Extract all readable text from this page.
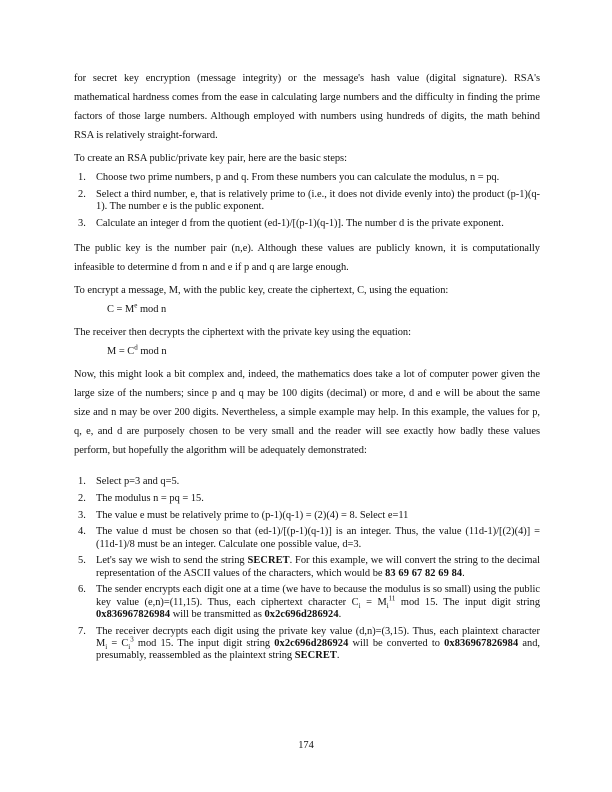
for secret key encryption (message integrity) or the message's hash value (digital signature). RSA's mathematical hardness comes from the ease in calculating large numbers and the difficulty in finding the prime factors of those large numbers. Although employed with numbers using hundreds of digits, the math behind RSA is relatively straight-forward.

To create an RSA public/private key pair, here are the basic steps:

1. Choose two prime numbers, p and q. From these numbers you can calculate the modulus, n = pq.
2. Select a third number, e, that is relatively prime to (i.e., it does not divide evenly into) the product (p-1)(q-1). The number e is the public exponent.
3. Calculate an integer d from the quotient (ed-1)/[(p-1)(q-1)]. The number d is the private exponent.

The public key is the number pair (n,e). Although these values are publicly known, it is computationally infeasible to determine d from n and e if p and q are large enough.

To encrypt a message, M, with the public key, create the ciphertext, C, using the equation:

$C = M^e$ mod n

The receiver then decrypts the ciphertext with the private key using the equation:

$M = C^d$ mod n

Now, this might look a bit complex and, indeed, the mathematics does take a lot of computer power given the large size of the numbers; since p and q may be 100 digits (decimal) or more, d and e will be about the same size and n may be over 200 digits. Nevertheless, a simple example may help. In this example, the values for p, q, e, and d are purposely chosen to be very small and the reader will see exactly how badly these values perform, but hopefully the algorithm will be adequately demonstrated:

1. Select p=3 and q=5.
2. The modulus n = pq = 15.
3. The value e must be relatively prime to (p-1)(q-1) = (2)(4) = 8. Select e=11
4. The value d must be chosen so that (ed-1)/[(p-1)(q-1)] is an integer. Thus, the value (11d-1)/[(2)(4)] = (11d-1)/8 must be an integer. Calculate one possible value, d=3.
5. Let's say we wish to send the string SECRET. For this example, we will convert the string to the decimal representation of the ASCII values of the characters, which would be 83 69 67 82 69 84.
6. The sender encrypts each digit one at a time (we have to because the modulus is so small) using the public key value (e,n)=(11,15). Thus, each ciphertext character $C_i = M_i^{11}$ mod 15. The input digit string 0x836967826984 will be transmitted as 0x2c696d286924.
7. The receiver decrypts each digit using the private key value (d,n)=(3,15). Thus, each plaintext character $M_i = C_i^3$ mod 15. The input digit string 0x2c696d286924 will be converted to 0x836967826984 and, presumably, reassembled as the plaintext string SECRET.
174
